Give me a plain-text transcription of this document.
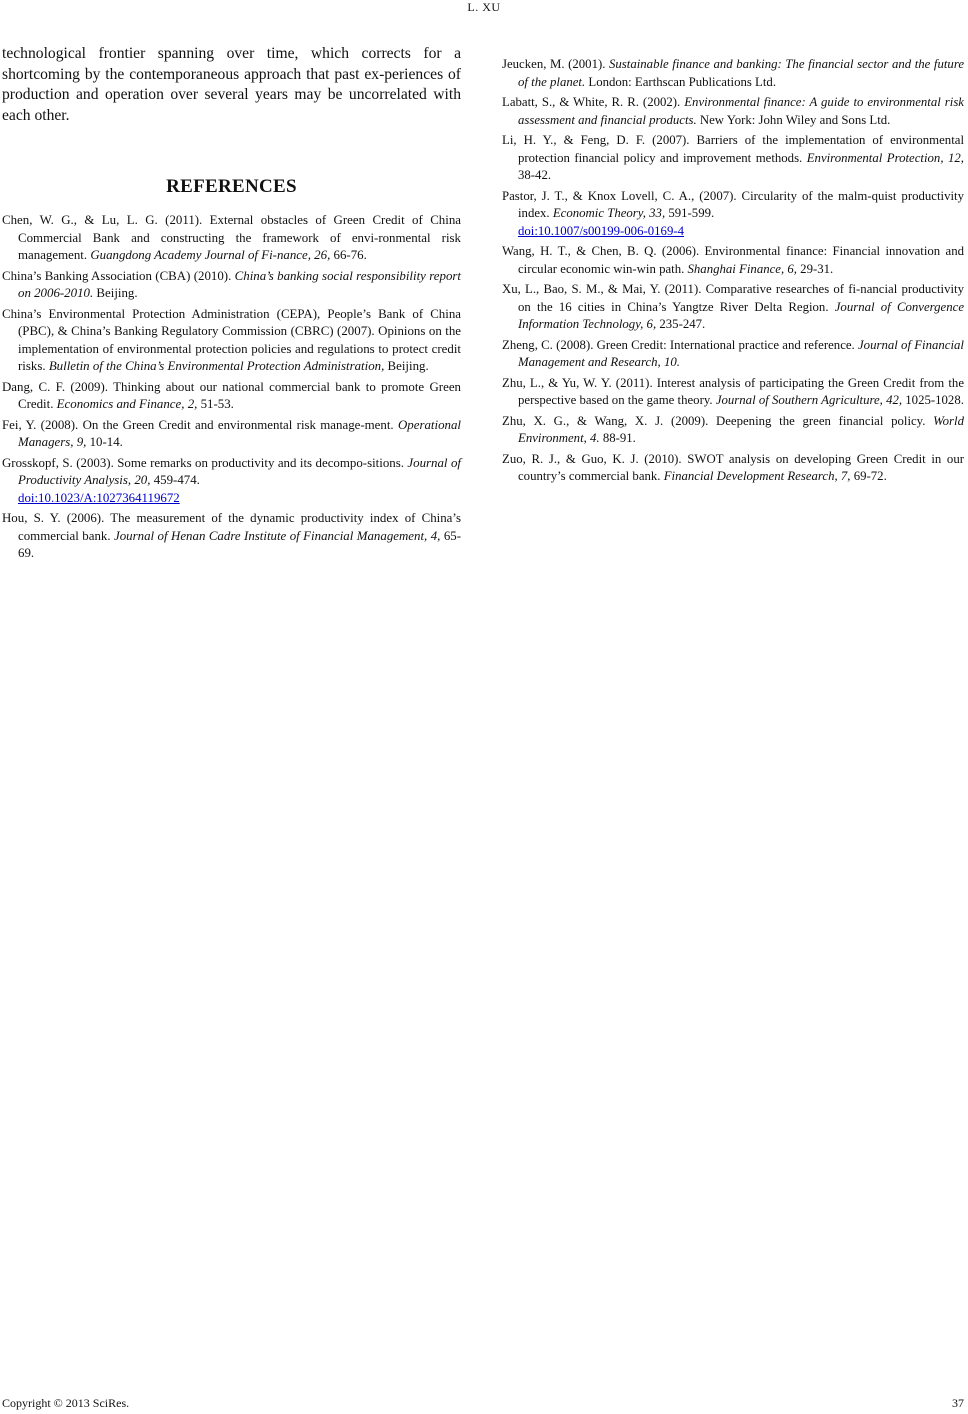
L. XU

technological frontier spanning over time, which corrects for a shortcoming by the contemporaneous approach that past ex-periences of production and operation over several years may be uncorrelated with each other.

REFERENCES

Chen, W. G., & Lu, L. G. (2011). External obstacles of Green Credit of China Commercial Bank and constructing the framework of envi-ronmental risk management. Guangdong Academy Journal of Fi-nance, 26, 66-76.

China’s Banking Association (CBA) (2010). China’s banking social responsibility report on 2006-2010. Beijing.

China’s Environmental Protection Administration (CEPA), People’s Bank of China (PBC), & China’s Banking Regulatory Commission (CBRC) (2007). Opinions on the implementation of environmental protection policies and regulations to protect credit risks. Bulletin of the China’s Environmental Protection Administration, Beijing.

Dang, C. F. (2009). Thinking about our national commercial bank to promote Green Credit. Economics and Finance, 2, 51-53.

Fei, Y. (2008). On the Green Credit and environmental risk manage-ment. Operational Managers, 9, 10-14.

Grosskopf, S. (2003). Some remarks on productivity and its decompo-sitions. Journal of Productivity Analysis, 20, 459-474.
doi:10.1023/A:1027364119672

Hou, S. Y. (2006). The measurement of the dynamic productivity index of China’s commercial bank. Journal of Henan Cadre Institute of Financial Management, 4, 65-69.

Jeucken, M. (2001). Sustainable finance and banking: The financial sector and the future of the planet. London: Earthscan Publications Ltd.

Labatt, S., & White, R. R. (2002). Environmental finance: A guide to environmental risk assessment and financial products. New York: John Wiley and Sons Ltd.

Li, H. Y., & Feng, D. F. (2007). Barriers of the implementation of environmental protection financial policy and improvement methods. Environmental Protection, 12, 38-42.

Pastor, J. T., & Knox Lovell, C. A., (2007). Circularity of the malm-quist productivity index. Economic Theory, 33, 591-599.
doi:10.1007/s00199-006-0169-4

Wang, H. T., & Chen, B. Q. (2006). Environmental finance: Financial innovation and circular economic win-win path. Shanghai Finance, 6, 29-31.

Xu, L., Bao, S. M., & Mai, Y. (2011). Comparative researches of fi-nancial productivity on the 16 cities in China’s Yangtze River Delta Region. Journal of Convergence Information Technology, 6, 235-247.

Zheng, C. (2008). Green Credit: International practice and reference. Journal of Financial Management and Research, 10.

Zhu, L., & Yu, W. Y. (2011). Interest analysis of participating the Green Credit from the perspective based on the game theory. Journal of Southern Agriculture, 42, 1025-1028.

Zhu, X. G., & Wang, X. J. (2009). Deepening the green financial policy. World Environment, 4. 88-91.

Zuo, R. J., & Guo, K. J. (2010). SWOT analysis on developing Green Credit in our country’s commercial bank. Financial Development Research, 7, 69-72.

Copyright © 2013 SciRes.	37
